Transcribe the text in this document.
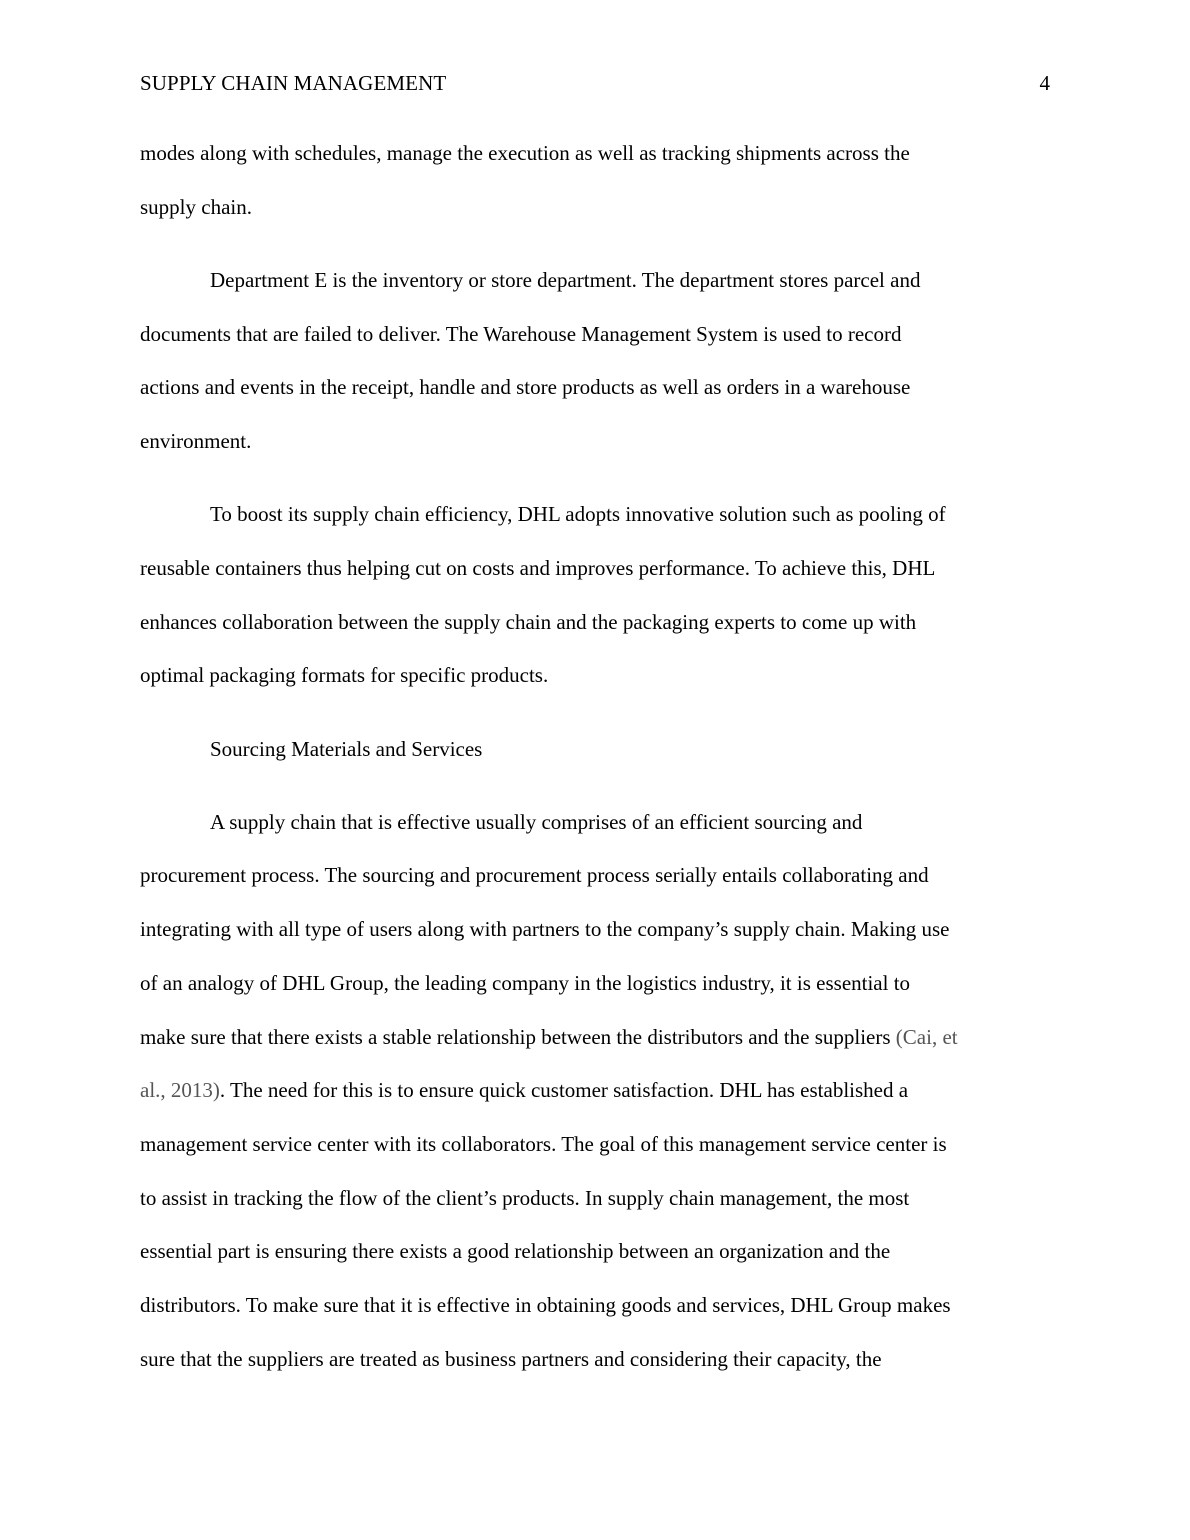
SUPPLY CHAIN MANAGEMENT	4
modes along with schedules, manage the execution as well as tracking shipments across the
supply chain.
Department E is the inventory or store department. The department stores parcel and
documents that are failed to deliver. The Warehouse Management System is used to record
actions and events in the receipt, handle and store products as well as orders in a warehouse
environment.
To boost its supply chain efficiency, DHL adopts innovative solution such as pooling of
reusable containers thus helping cut on costs and improves performance. To achieve this, DHL
enhances collaboration between the supply chain and the packaging experts to come up with
optimal packaging formats for specific products.
Sourcing Materials and Services
A supply chain that is effective usually comprises of an efficient sourcing and
procurement process. The sourcing and procurement process serially entails collaborating and
integrating with all type of users along with partners to the company’s supply chain. Making use
of an analogy of DHL Group, the leading company in the logistics industry, it is essential to
make sure that there exists a stable relationship between the distributors and the suppliers (Cai, et
al., 2013). The need for this is to ensure quick customer satisfaction. DHL has established a
management service center with its collaborators. The goal of this management service center is
to assist in tracking the flow of the client’s products. In supply chain management, the most
essential part is ensuring there exists a good relationship between an organization and the
distributors. To make sure that it is effective in obtaining goods and services, DHL Group makes
sure that the suppliers are treated as business partners and considering their capacity, the
